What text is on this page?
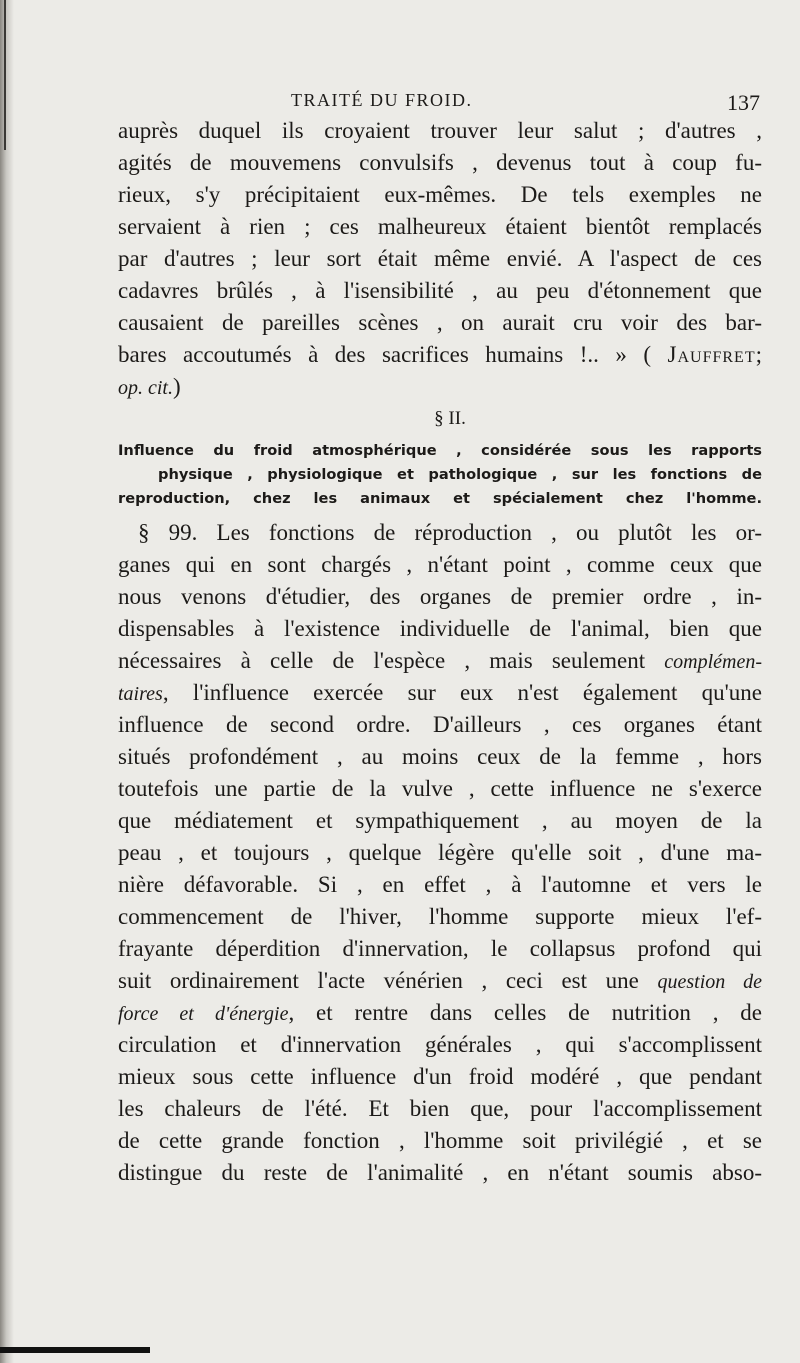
TRAITÉ DU FROID.	137
auprès duquel ils croyaient trouver leur salut ; d'autres ,
agités de mouvemens convulsifs , devenus tout à coup fu-
rieux, s'y précipitaient eux-mêmes. De tels exemples ne
servaient à rien ; ces malheureux étaient bientôt remplacés
par d'autres ; leur sort était même envié. A l'aspect de ces
cadavres brûlés , à l'isensibilité , au peu d'étonnement que
causaient de pareilles scènes , on aurait cru voir des bar-
bares accoutumés à des sacrifices humains !.. » ( Jauffret;
op. cit.)
§ II.
Influence du froid atmosphérique , considérée sous les rapports
physique , physiologique et pathologique , sur les fonctions de
reproduction, chez les animaux et spécialement chez l'homme.
§ 99. Les fonctions de réproduction , ou plutôt les or-
ganes qui en sont chargés , n'étant point , comme ceux que
nous venons d'étudier, des organes de premier ordre , in-
dispensables à l'existence individuelle de l'animal, bien que
nécessaires à celle de l'espèce , mais seulement complémen-
taires, l'influence exercée sur eux n'est également qu'une
influence de second ordre. D'ailleurs , ces organes étant
situés profondément , au moins ceux de la femme , hors
toutefois une partie de la vulve , cette influence ne s'exerce
que médiatement et sympathiquement , au moyen de la
peau , et toujours , quelque légère qu'elle soit , d'une ma-
nière défavorable. Si , en effet , à l'automne et vers le
commencement de l'hiver, l'homme supporte mieux l'ef-
frayante déperdition d'innervation, le collapsus profond qui
suit ordinairement l'acte vénérien , ceci est une question de
force et d'énergie, et rentre dans celles de nutrition , de
circulation et d'innervation générales , qui s'accomplissent
mieux sous cette influence d'un froid modéré , que pendant
les chaleurs de l'été. Et bien que, pour l'accomplissement
de cette grande fonction , l'homme soit privilégié , et se
distingue du reste de l'animalité , en n'étant soumis abso-
